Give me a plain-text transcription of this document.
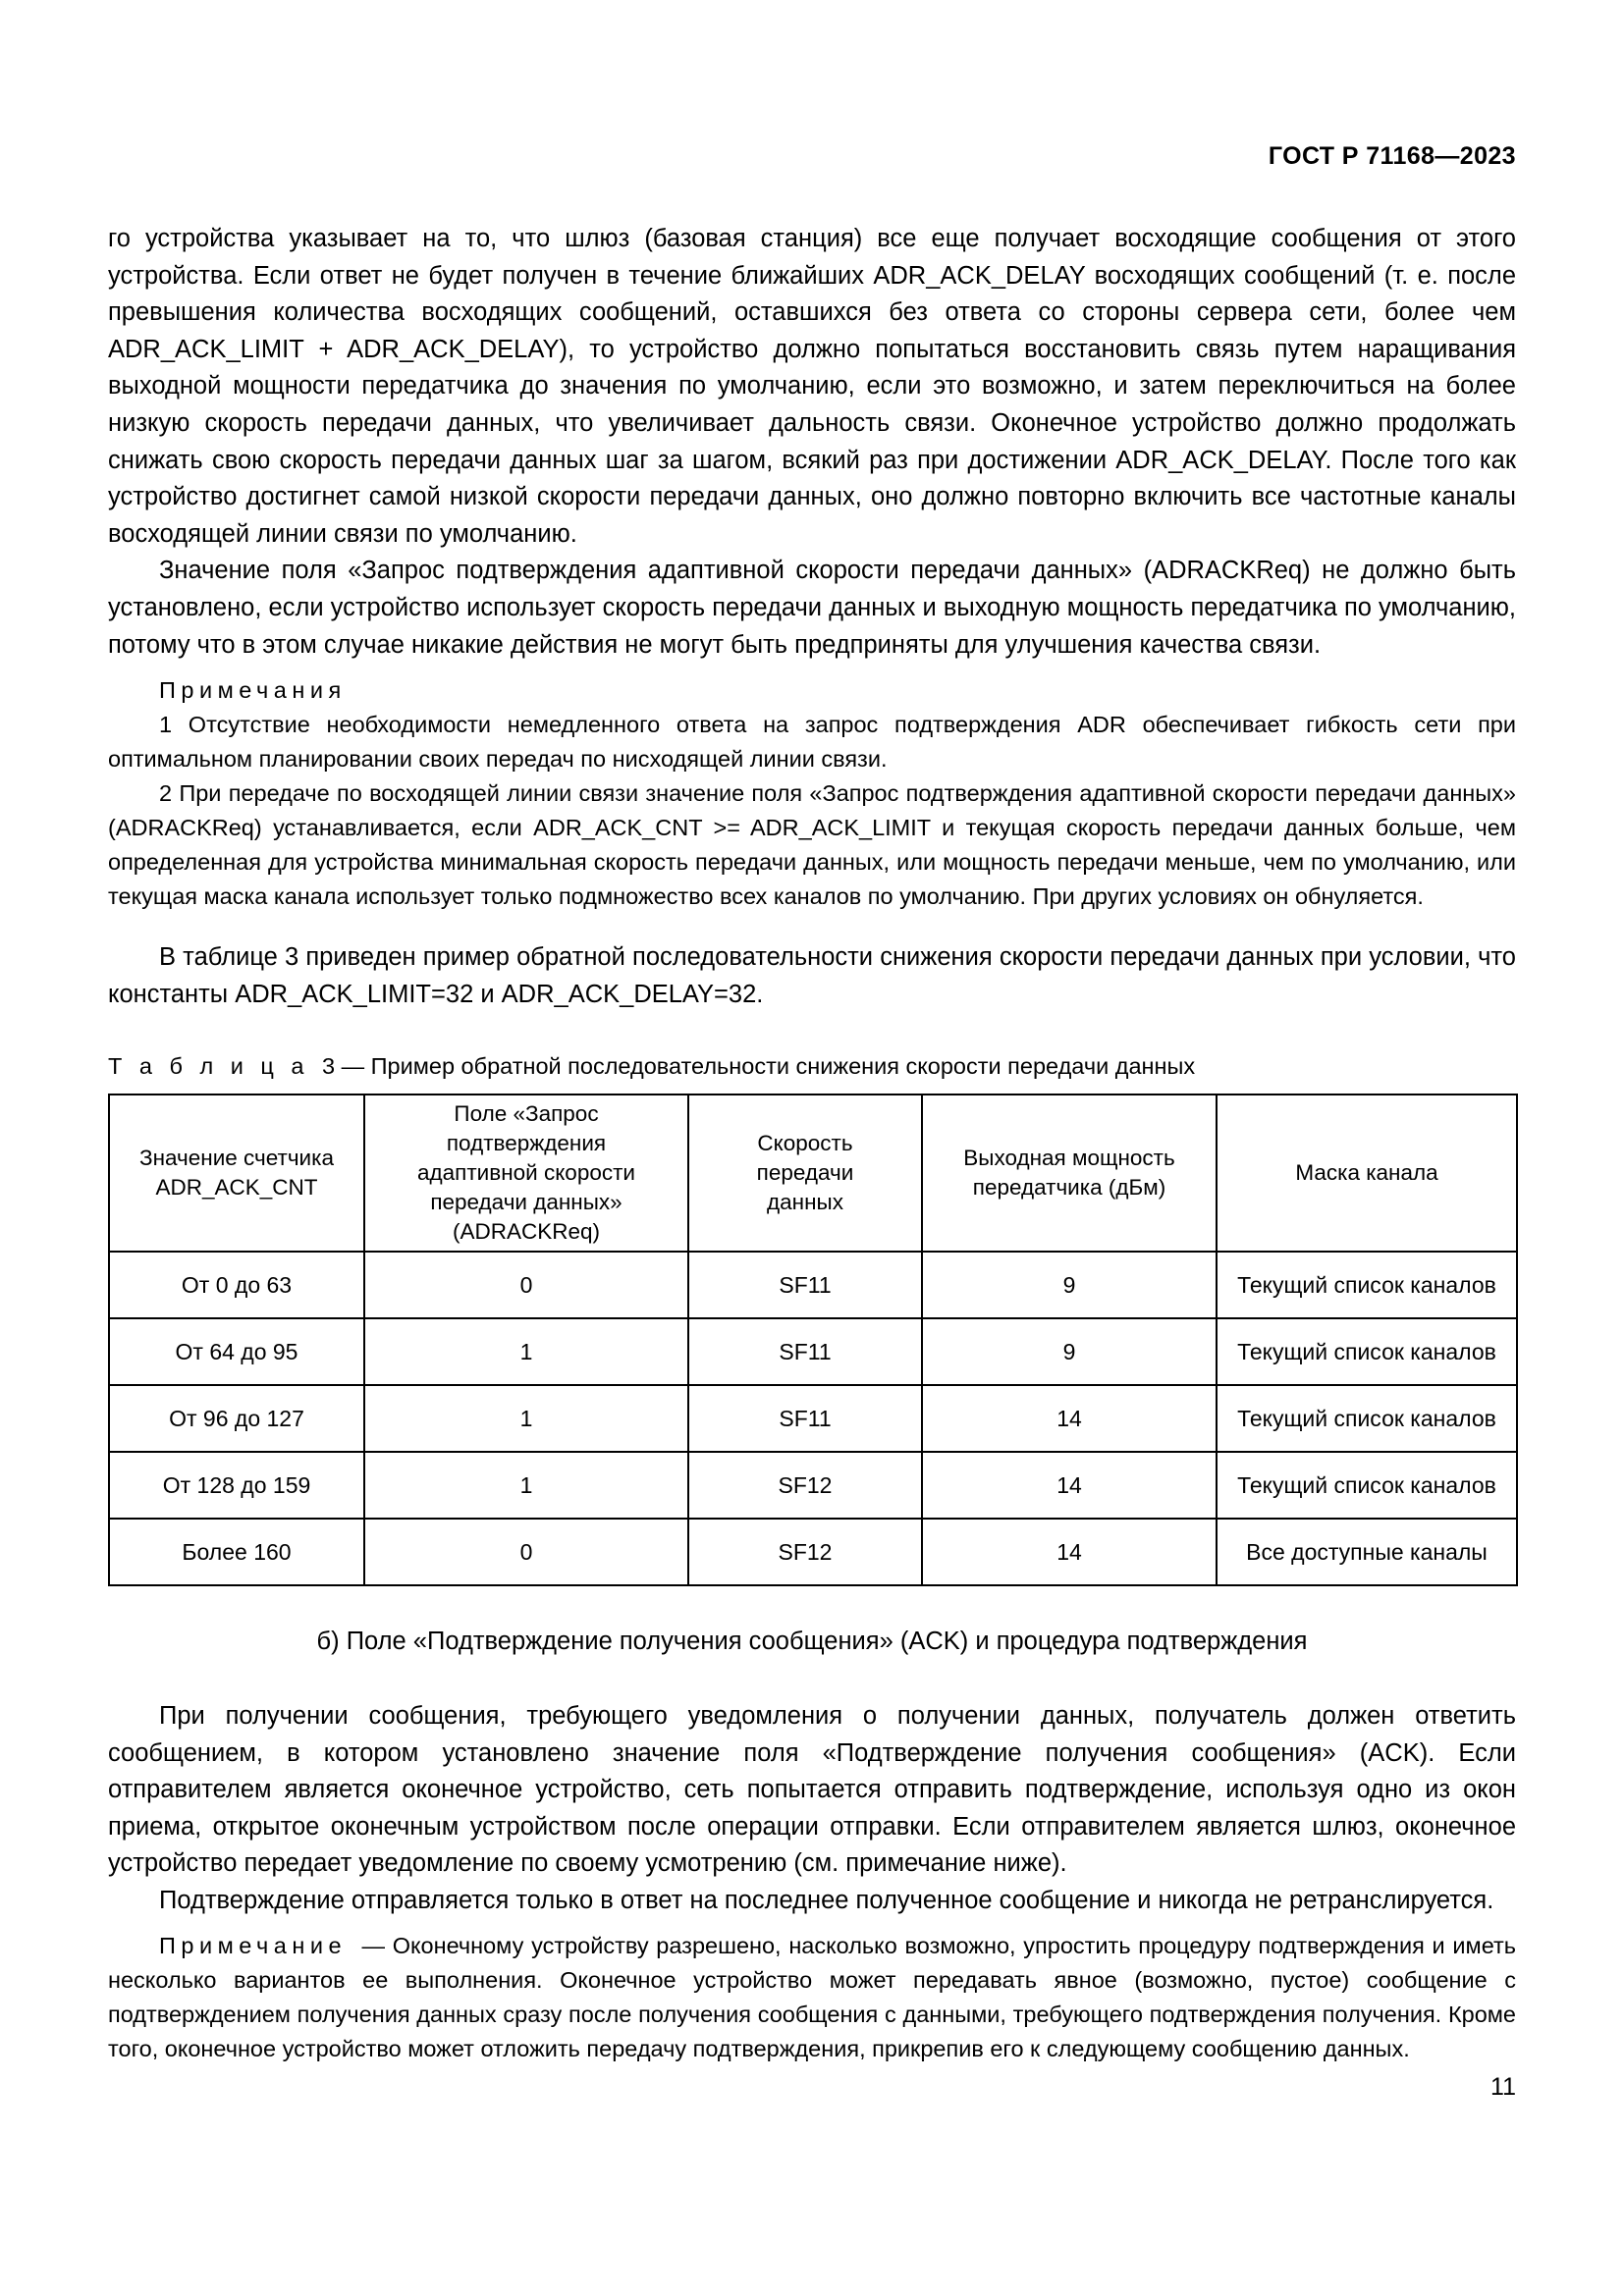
ГОСТ Р 71168—2023

го устройства указывает на то, что шлюз (базовая станция) все еще получает восходящие сообщения от этого устройства. Если ответ не будет получен в течение ближайших ADR_ACK_DELAY восходящих сообщений (т. е. после превышения количества восходящих сообщений, оставшихся без ответа со стороны сервера сети, более чем ADR_ACK_LIMIT + ADR_ACK_DELAY), то устройство должно попытаться восстановить связь путем наращивания выходной мощности передатчика до значения по умолчанию, если это возможно, и затем переключиться на более низкую скорость передачи данных, что увеличивает дальность связи. Оконечное устройство должно продолжать снижать свою скорость передачи данных шаг за шагом, всякий раз при достижении ADR_ACK_DELAY. После того как устройство достигнет самой низкой скорости передачи данных, оно должно повторно включить все частотные каналы восходящей линии связи по умолчанию.

Значение поля «Запрос подтверждения адаптивной скорости передачи данных» (ADRACKReq) не должно быть установлено, если устройство использует скорость передачи данных и выходную мощность передатчика по умолчанию, потому что в этом случае никакие действия не могут быть предприняты для улучшения качества связи.

Примечания

1 Отсутствие необходимости немедленного ответа на запрос подтверждения ADR обеспечивает гибкость сети при оптимальном планировании своих передач по нисходящей линии связи.

2 При передаче по восходящей линии связи значение поля «Запрос подтверждения адаптивной скорости передачи данных» (ADRACKReq) устанавливается, если ADR_ACK_CNT >= ADR_ACK_LIMIT и текущая скорость передачи данных больше, чем определенная для устройства минимальная скорость передачи данных, или мощность передачи меньше, чем по умолчанию, или текущая маска канала использует только подмножество всех каналов по умолчанию. При других условиях он обнуляется.

В таблице 3 приведен пример обратной последовательности снижения скорости передачи данных при условии, что константы ADR_ACK_LIMIT=32 и ADR_ACK_DELAY=32.

Т а б л и ц а 3 — Пример обратной последовательности снижения скорости передачи данных

Значение счетчика
ADR_ACK_CNT	Поле «Запрос
подтверждения
адаптивной скорости
передачи данных»
(ADRACKReq)	Скорость
передачи
данных	Выходная мощность
передатчика (дБм)	Маска канала
От 0 до 63	0	SF11	9	Текущий список каналов
От 64 до 95	1	SF11	9	Текущий список каналов
От 96 до 127	1	SF11	14	Текущий список каналов
От 128 до 159	1	SF12	14	Текущий список каналов
Более 160	0	SF12	14	Все доступные каналы

б) Поле «Подтверждение получения сообщения» (ACK) и процедура подтверждения

При получении сообщения, требующего уведомления о получении данных, получатель должен ответить сообщением, в котором установлено значение поля «Подтверждение получения сообщения» (ACK). Если отправителем является оконечное устройство, сеть попытается отправить подтверждение, используя одно из окон приема, открытое оконечным устройством после операции отправки. Если отправителем является шлюз, оконечное устройство передает уведомление по своему усмотрению (см. примечание ниже).

Подтверждение отправляется только в ответ на последнее полученное сообщение и никогда не ретранслируется.

Примечание — Оконечному устройству разрешено, насколько возможно, упростить процедуру подтверждения и иметь несколько вариантов ее выполнения. Оконечное устройство может передавать явное (возможно, пустое) сообщение с подтверждением получения данных сразу после получения сообщения с данными, требующего подтверждения получения. Кроме того, оконечное устройство может отложить передачу подтверждения, прикрепив его к следующему сообщению данных.

11
